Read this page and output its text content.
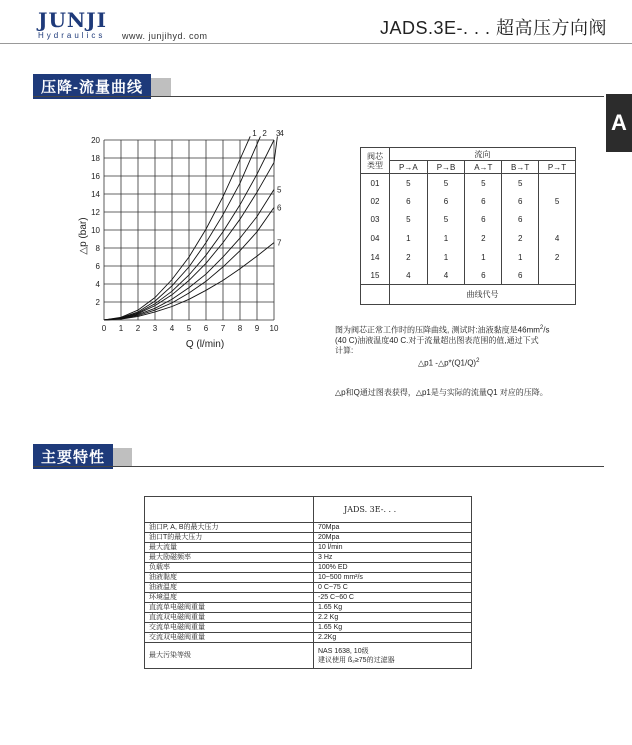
JUNJI
Hydraulics www. junjihyd. com	JADS.3E-. . . 超高压方向阀
A
压降-流量曲线
0 1 2 3 4 5 6 7 8 9 10
2
4
6
8
10
12
14
16
18
20
1 2 3
4
5
6
7
△p (bar)
Q (l/min)
阀芯
类型	流向				
	P→A	P→B	A→T	B→T	P→T
01	5	5	5	5	
02	6	6	6	6	5
03	5	5	6	6	
04	1	1	2	2	4
14	2	1	1	1	2
15	4	4	6	6	
	曲线代号				
图为阀芯正常工作时的压降曲线, 测试时:油液黏度是$46mm^2/s$
(40 C)油液温度40 C.对于流量超出图表范围的值,通过下式
计算:
△p1 $-\triangle p*(Q1/Q)^2$
△p和Q通过图表获得，△p1是与实际的流量Q1 对应的压降。
主要特性
	JADS. 3E-. . .
油口P, A, B的最大压力	70Mpa
油口T的最大压力	20Mpa
最大流量	10 l/min
最大励磁频率	3 Hz
负载率	100% ED
油液黏度	10~500 mm²/s
油液温度	0 C~75 C
环境温度	-25 C~60 C
直流单电磁阀重量	1.65 Kg
直流双电磁阀重量	2.2 Kg
交流单电磁阀重量	1.65 Kg
交流双电磁阀重量	2.2Kg
最大污染等级	NAS 1638, 10级
建议使用 ß₂≥75的过滤器
